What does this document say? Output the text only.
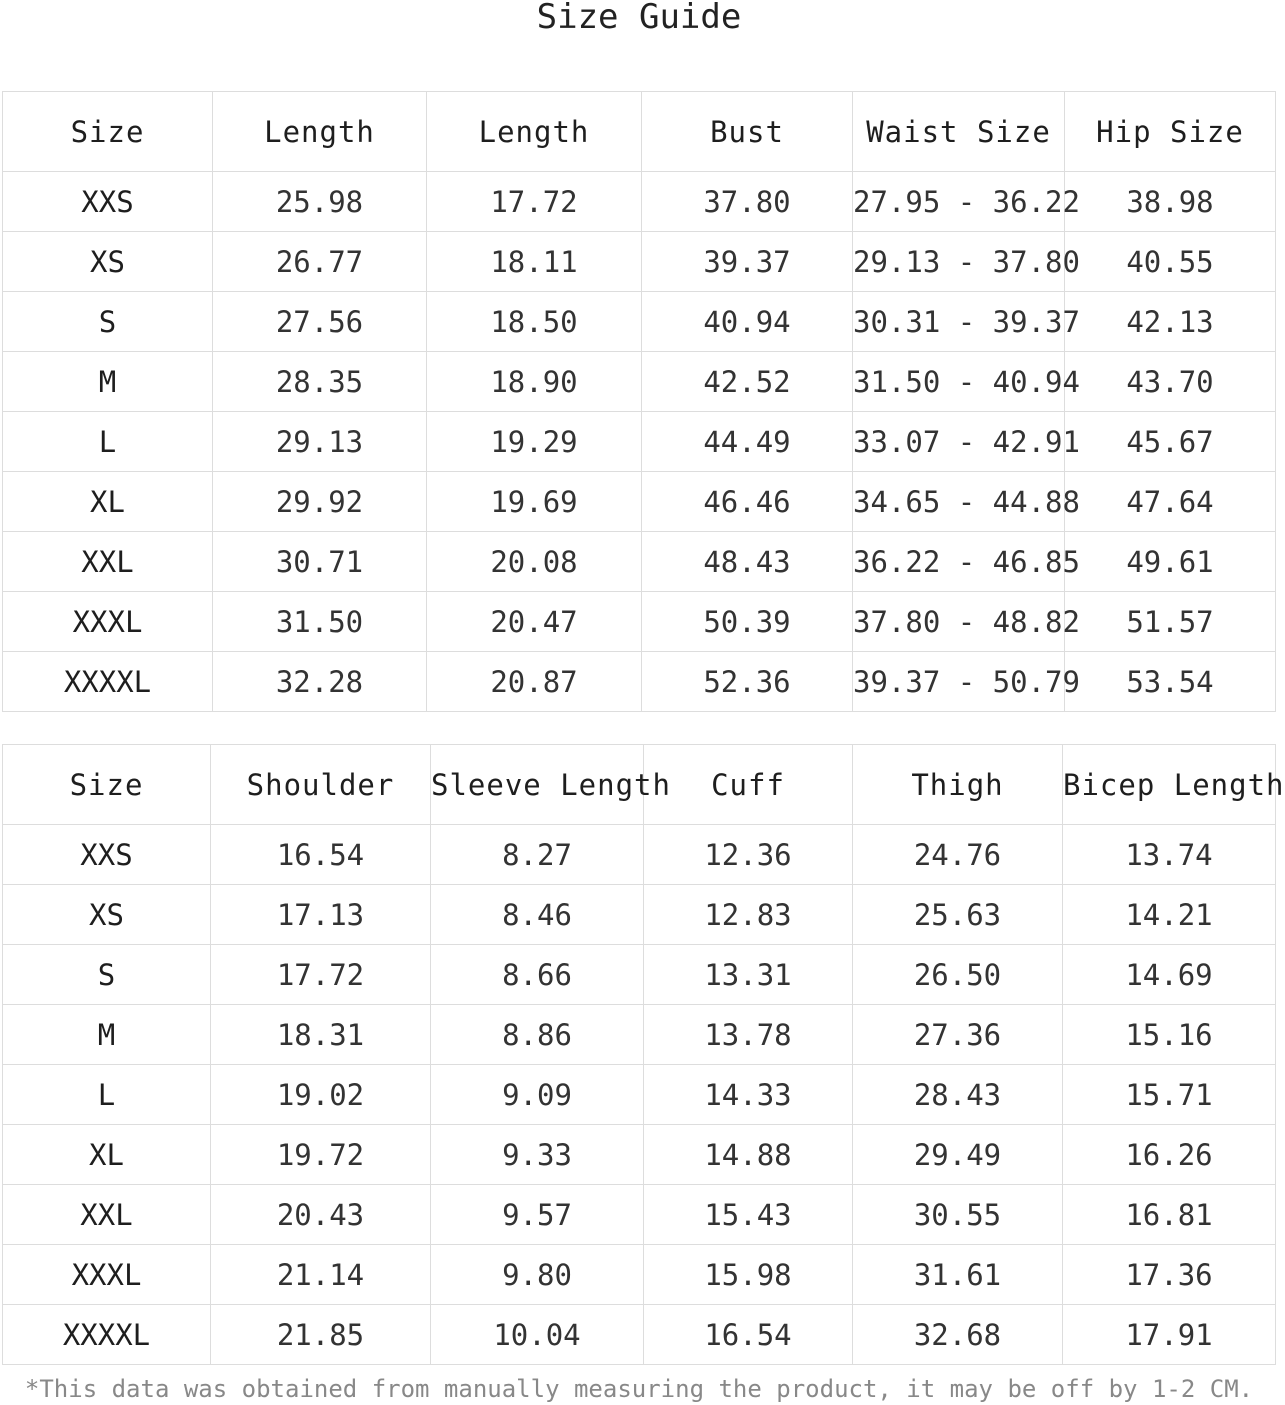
Size Guide
Size	Length	Length	Bust	Waist Size	Hip Size
XXS	25.98	17.72	37.80	27.95 - 36.22	38.98
XS	26.77	18.11	39.37	29.13 - 37.80	40.55
S	27.56	18.50	40.94	30.31 - 39.37	42.13
M	28.35	18.90	42.52	31.50 - 40.94	43.70
L	29.13	19.29	44.49	33.07 - 42.91	45.67
XL	29.92	19.69	46.46	34.65 - 44.88	47.64
XXL	30.71	20.08	48.43	36.22 - 46.85	49.61
XXXL	31.50	20.47	50.39	37.80 - 48.82	51.57
XXXXL	32.28	20.87	52.36	39.37 - 50.79	53.54
Size	Shoulder	Sleeve Length	Cuff	Thigh	Bicep Length
XXS	16.54	8.27	12.36	24.76	13.74
XS	17.13	8.46	12.83	25.63	14.21
S	17.72	8.66	13.31	26.50	14.69
M	18.31	8.86	13.78	27.36	15.16
L	19.02	9.09	14.33	28.43	15.71
XL	19.72	9.33	14.88	29.49	16.26
XXL	20.43	9.57	15.43	30.55	16.81
XXXL	21.14	9.80	15.98	31.61	17.36
XXXXL	21.85	10.04	16.54	32.68	17.91
*This data was obtained from manually measuring the product, it may be off by 1-2 CM.
